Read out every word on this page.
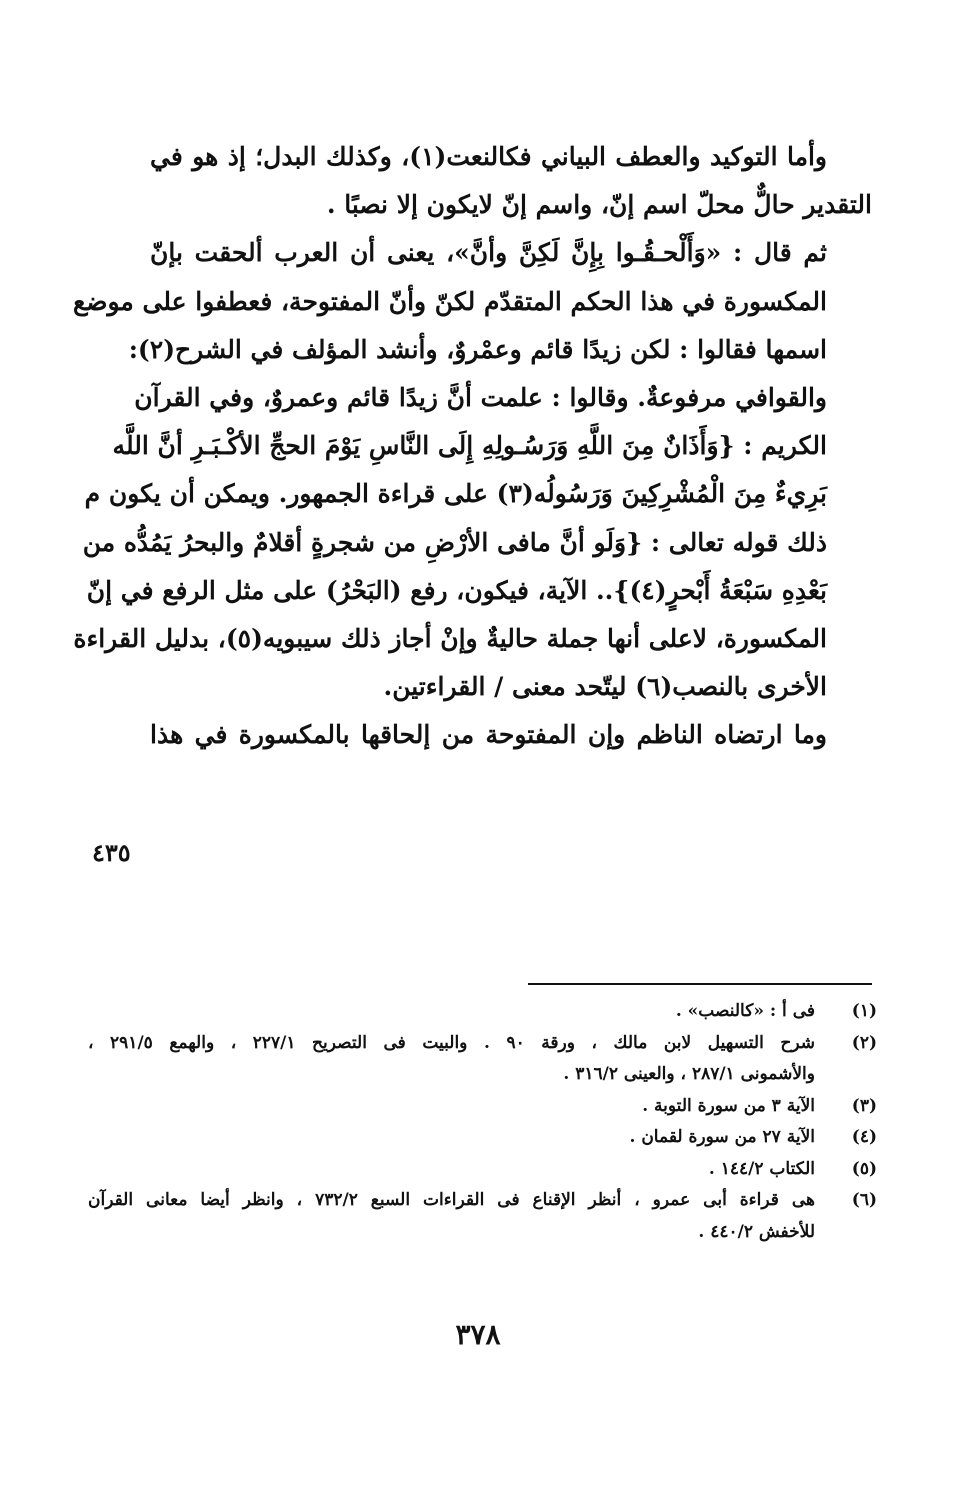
وأما التوكيد والعطف البياني فكالنعت(١)، وكذلك البدل؛ إذ هو في
التقدير حالٌّ محلّ اسم إنّ، واسم إنّ لايكون إلا نصبًا .

ثم قال : «وَأَلْحـقُـوا بِإِنَّ لَكِنَّ وأنَّ»، يعنى أن العرب ألحقت بإنّ
المكسورة في هذا الحكم المتقدّم لكنّ وأنّ المفتوحة، فعطفوا على موضع
اسمها فقالوا : لكن زيدًا قائم وعمْروٌ، وأنشد المؤلف في الشرح(٢):

والقوافي مرفوعةٌ. وقالوا : علمت أنَّ زيدًا قائم وعمروٌ، وفي القرآن
الكريم : {وَأَذَانٌ مِنَ اللَّهِ وَرَسُـولِهِ إِلَى النَّاسِ يَوْمَ الحجِّ الأكْـبَـرِ أنَّ اللَّه
بَرِيءٌ مِنَ الْمُشْرِكِينَ وَرَسُولُه(٣) على قراءة الجمهور. ويمكن أن يكون م
ذلك قوله تعالى : {وَلَو أنَّ مافى الأرْضِ من شجرةٍ أقلامٌ والبحرُ يَمُدُّه من
بَعْدِهِ سَبْعَةُ أَبْحرٍ(٤)}.. الآية، فيكون، رفع (البَحْرُ) على مثل الرفع في إنّ
المكسورة، لاعلى أنها جملة حاليةٌ وإنْ أجاز ذلك سيبويه(٥)، بدليل القراءة
الأخرى بالنصب(٦) ليتّحد معنى / القراءتين.

وما ارتضاه الناظم وإن المفتوحة من إلحاقها بالمكسورة في هذا

٤٣٥
(١)
فى أ : «كالنصب» .
(٢)
شرح التسهيل لابن مالك ، ورقة ٩٠ . والبيت فى التصريح ٢٢٧/١ ، والهمع ٢٩١/٥ ،
والأشمونى ٢٨٧/١ ، والعينى ٣١٦/٢ .
(٣)
الآية ٣ من سورة التوبة .
(٤)
الآية ٢٧ من سورة لقمان .
(٥)
الكتاب ١٤٤/٢ .
(٦)
هى قراءة أبى عمرو ، أنظر الإقناع فى القراءات السبع ٧٣٢/٢ ، وانظر أيضا معانى القرآن
للأخفش ٤٤٠/٢ .
٣٧٨
